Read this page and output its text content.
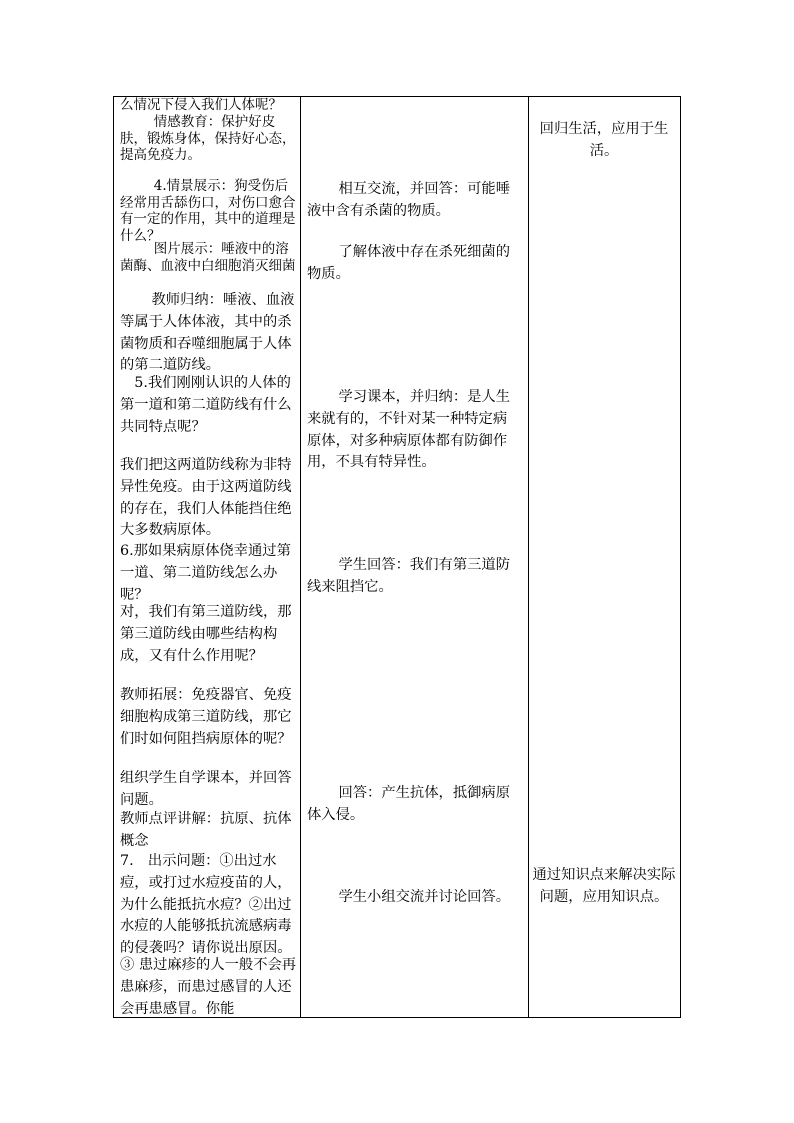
么情况下侵入我们人体呢？

情感教育：保护好皮肤，锻炼身体，保持好心态，提高免疫力。

4.情景展示：狗受伤后经常用舌舔伤口，对伤口愈合有一定的作用，其中的道理是什么？

图片展示：唾液中的溶菌酶、血液中白细胞消灭细菌

教师归纳：唾液、血液等属于人体体液，其中的杀菌物质和吞噬细胞属于人体的第二道防线。

5.我们刚刚认识的人体的第一道和第二道防线有什么共同特点呢？

我们把这两道防线称为非特异性免疫。由于这两道防线的存在，我们人体能挡住绝大多数病原体。

6.那如果病原体侥幸通过第一道、第二道防线怎么办呢？

对，我们有第三道防线，那第三道防线由哪些结构构成，又有什么作用呢？

教师拓展：免疫器官、免疫细胞构成第三道防线，那它们时如何阻挡病原体的呢？

组织学生自学课本，并回答问题。

教师点评讲解：抗原、抗体概念

7.　出示问题：①出过水痘，或打过水痘疫苗的人，为什么能抵抗水痘？②出过水痘的人能够抵抗流感病毒的侵袭吗？请你说出原因。

③ 患过麻疹的人一般不会再患麻疹，而患过感冒的人还会再患感冒。你能

相互交流，并回答：可能唾液中含有杀菌的物质。

了解体液中存在杀死细菌的物质。

学习课本，并归纳：是人生来就有的，不针对某一种特定病原体，对多种病原体都有防御作用，不具有特异性。

学生回答：我们有第三道防线来阻挡它。

回答：产生抗体，抵御病原体入侵。

学生小组交流并讨论回答。

回归生活，应用于生活。

通过知识点来解决实际问题，应用知识点。
